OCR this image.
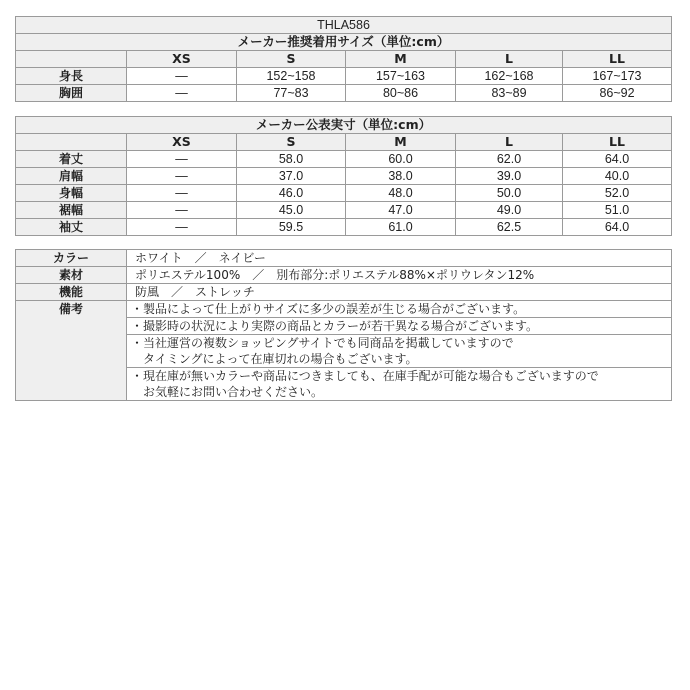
THLA586					
メーカー推奨着用サイズ（単位:cm）					
	XS	S	M	L	LL
身長	—	152~158	157~163	162~168	167~173
胸囲	—	77~83	80~86	83~89	86~92
メーカー公表実寸（単位:cm）					
	XS	S	M	L	LL
着丈	—	58.0	60.0	62.0	64.0
肩幅	—	37.0	38.0	39.0	40.0
身幅	—	46.0	48.0	50.0	52.0
裾幅	—	45.0	47.0	49.0	51.0
袖丈	—	59.5	61.0	62.5	64.0
カラー	ホワイト　／　ネイビー
素材	ポリエステル100%　／　別布部分:ポリエステル88%×ポリウレタン12%
機能	防風　／　ストレッチ
備考	・製品によって仕上がりサイズに多少の誤差が生じる場合がございます。
	・撮影時の状況により実際の商品とカラーが若干異なる場合がございます。
	・当社運営の複数ショッピングサイトでも同商品を掲載していますので
　タイミングによって在庫切れの場合もございます。
	・現在庫が無いカラーや商品につきましても、在庫手配が可能な場合もございますので
　お気軽にお問い合わせください。
